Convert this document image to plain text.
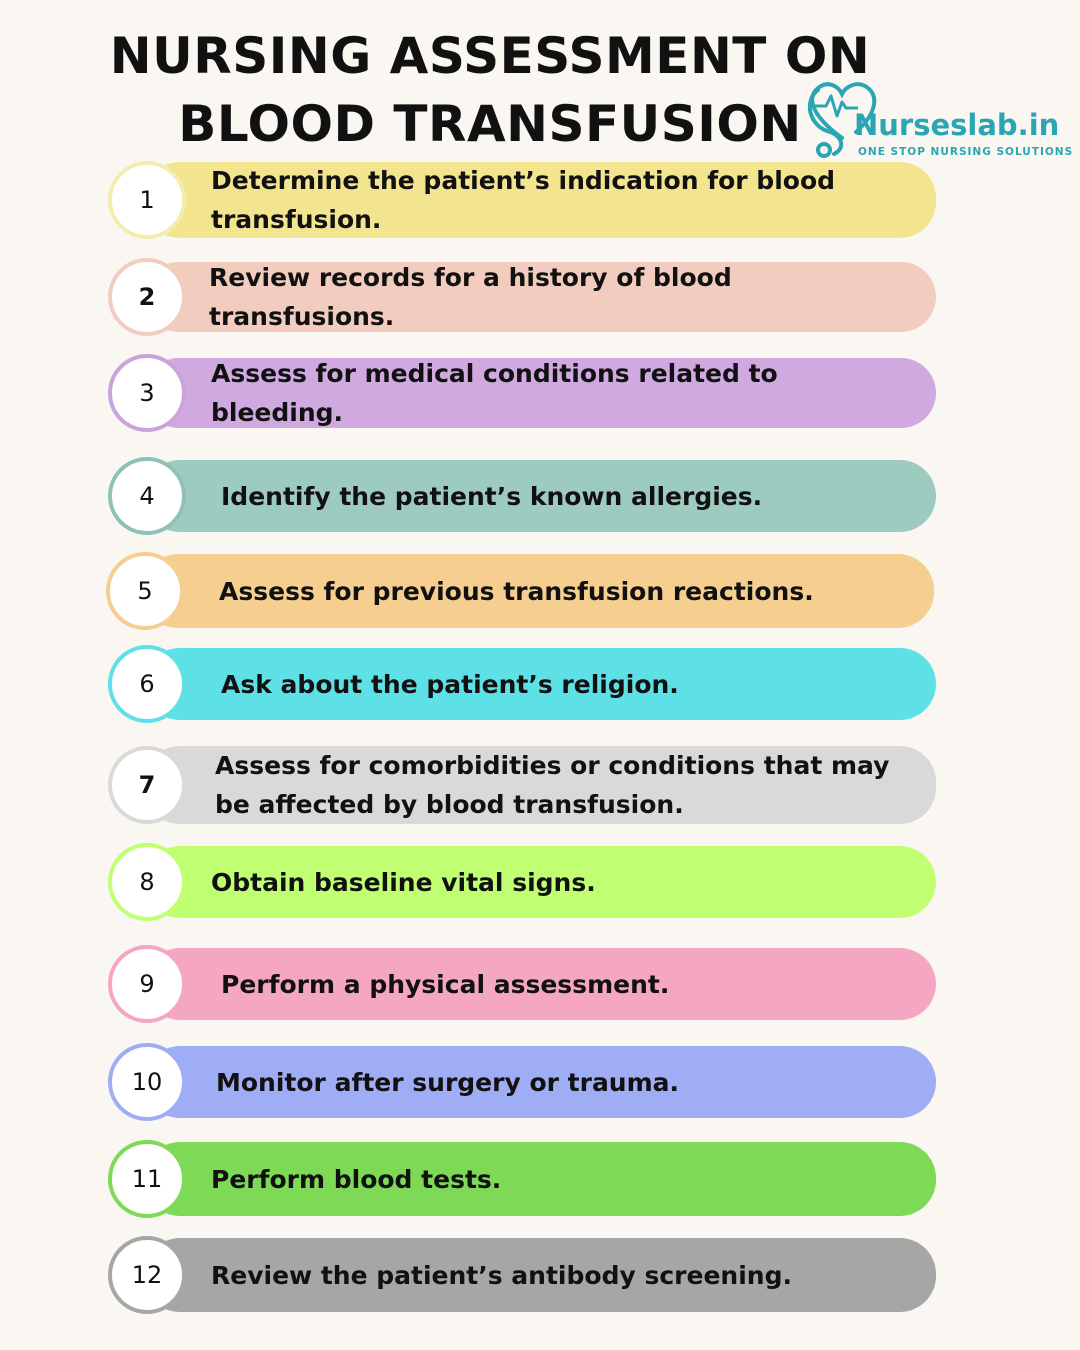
NURSING ASSESSMENT ON
BLOOD TRANSFUSION	Nurseslab.in
ONE STOP NURSING SOLUTIONS
Determine the patient’s indication for blood transfusion.
1
Review records for a history of blood transfusions.
2
Assess for medical conditions related to bleeding.
3
Identify the patient’s known allergies.
4
Assess for previous transfusion reactions.
5
Ask about the patient’s religion.
6
Assess for comorbidities or conditions that may be affected by blood transfusion.
7
Obtain baseline vital signs.
8
Perform a physical assessment.
9
Monitor after surgery or trauma.
10
Perform blood tests.
11
Review the patient’s antibody screening.
12
